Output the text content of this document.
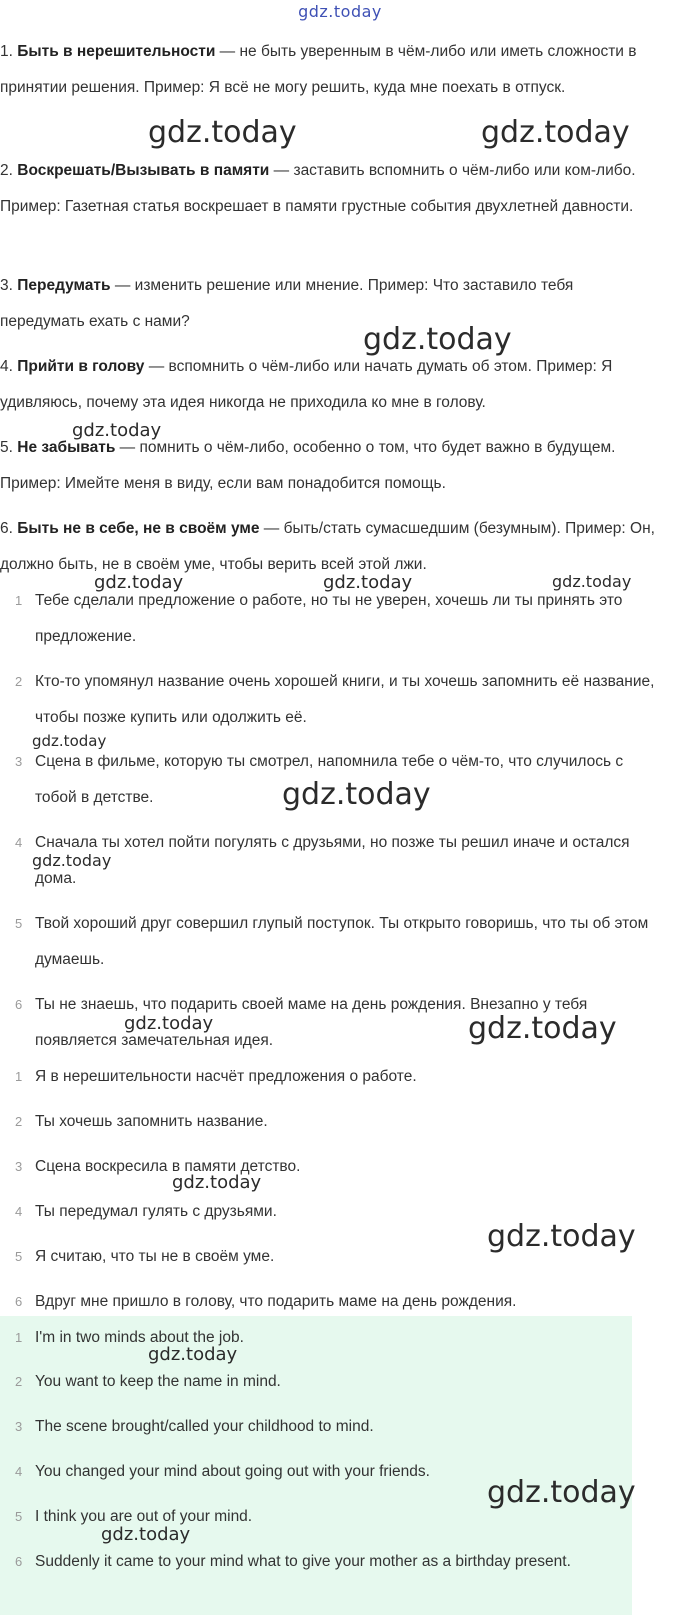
gdz.today
1. Быть в нерешительности — не быть уверенным в чём-либо или иметь сложности в принятии решения. Пример: Я всё не могу решить, куда мне поехать в отпуск.
2. Воскрешать/Вызывать в памяти — заставить вспомнить о чём-либо или ком-либо. Пример: Газетная статья воскрешает в памяти грустные события двухлетней давности.
3. Передумать — изменить решение или мнение. Пример: Что заставило тебя передумать ехать с нами?
4. Прийти в голову — вспомнить о чём-либо или начать думать об этом. Пример: Я удивляюсь, почему эта идея никогда не приходила ко мне в голову.
5. Не забывать — помнить о чём-либо, особенно о том, что будет важно в будущем. Пример: Имейте меня в виду, если вам понадобится помощь.
6. Быть не в себе, не в своём уме — быть/стать сумасшедшим (безумным). Пример: Он, должно быть, не в своём уме, чтобы верить всей этой лжи.
1 Тебе сделали предложение о работе, но ты не уверен, хочешь ли ты принять это предложение.
2 Кто-то упомянул название очень хорошей книги, и ты хочешь запомнить её название, чтобы позже купить или одолжить её.
3 Сцена в фильме, которую ты смотрел, напомнила тебе о чём-то, что случилось с тобой в детстве.
4 Сначала ты хотел пойти погулять с друзьями, но позже ты решил иначе и остался дома.
5 Твой хороший друг совершил глупый поступок. Ты открыто говоришь, что ты об этом думаешь.
6 Ты не знаешь, что подарить своей маме на день рождения. Внезапно у тебя появляется замечательная идея.
1 Я в нерешительности насчёт предложения о работе.
2 Ты хочешь запомнить название.
3 Сцена воскресила в памяти детство.
4 Ты передумал гулять с друзьями.
5 Я считаю, что ты не в своём уме.
6 Вдруг мне пришло в голову, что подарить маме на день рождения.
1 I'm in two minds about the job.
2 You want to keep the name in mind.
3 The scene brought/called your childhood to mind.
4 You changed your mind about going out with your friends.
5 I think you are out of your mind.
6 Suddenly it came to your mind what to give your mother as a birthday present.
gdz.today	gdz.today
gdz.today
gdz.today
gdz.today	gdz.today	gdz.today
gdz.today
gdz.today
gdz.today
gdz.today	gdz.today
gdz.today
gdz.today
gdz.today
gdz.today
gdz.today
